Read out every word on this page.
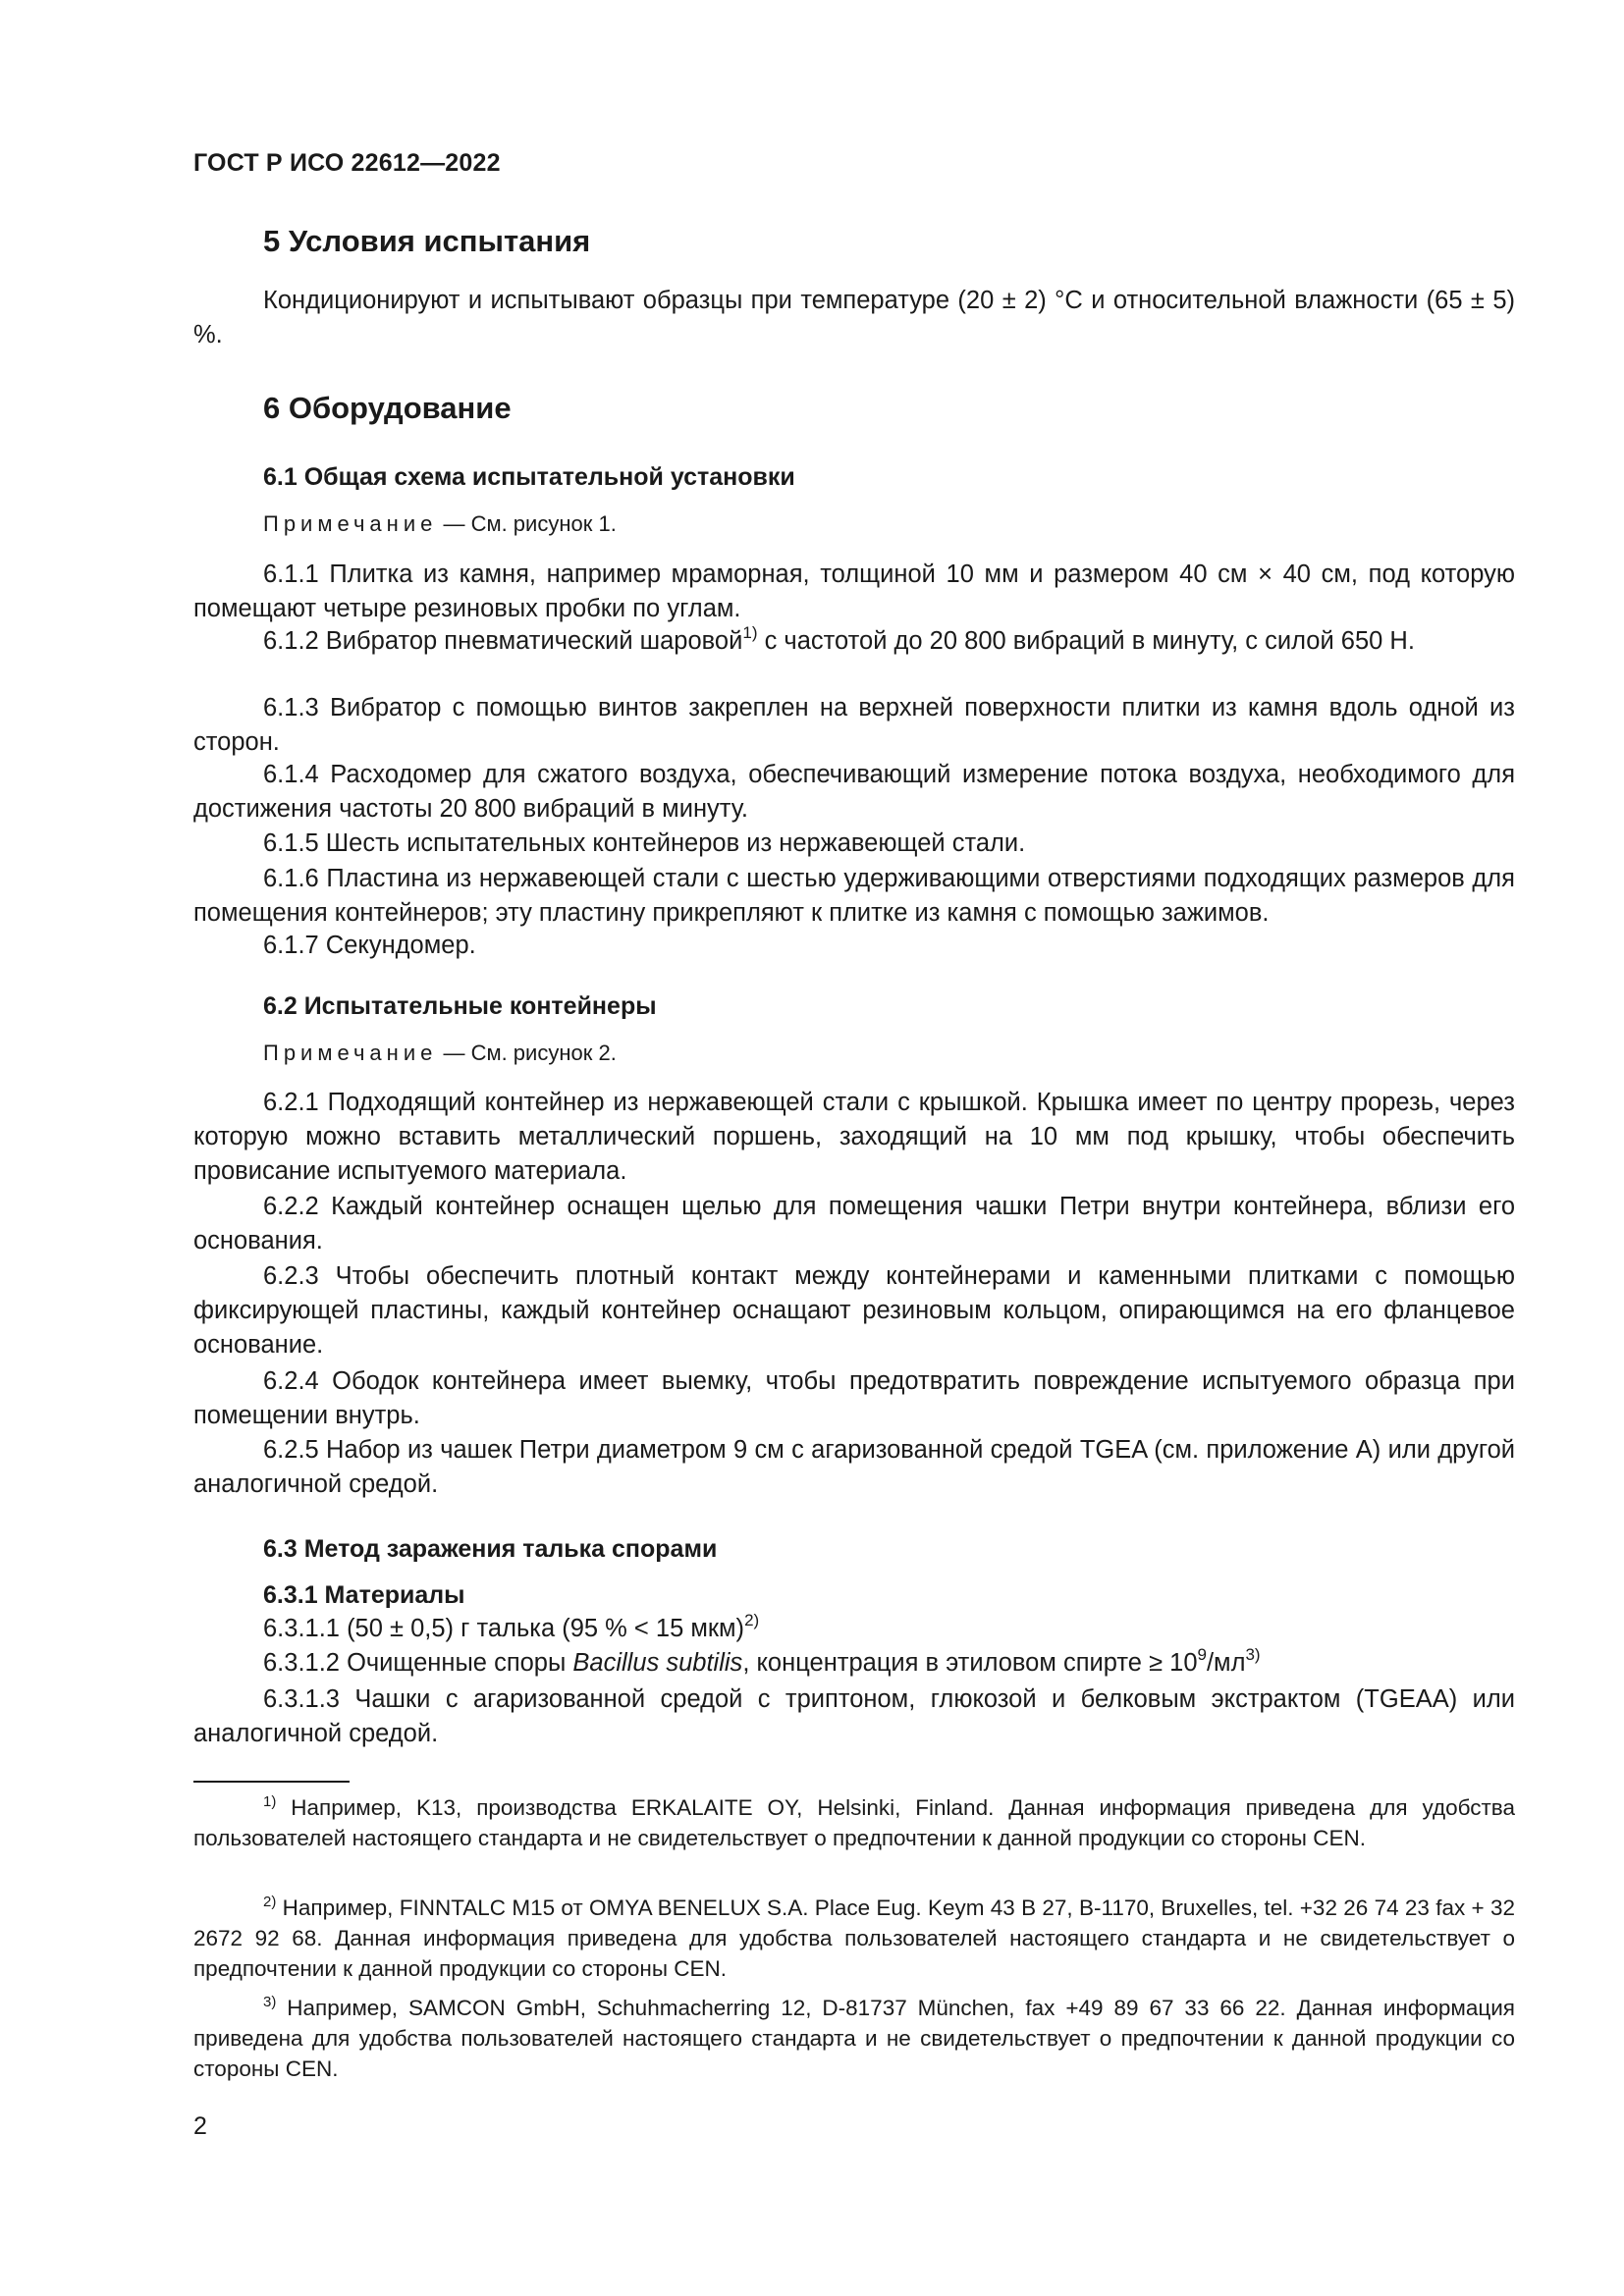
ГОСТ Р ИСО 22612—2022
5 Условия испытания
Кондиционируют и испытывают образцы при температуре (20 ± 2) °С и относительной влажности (65 ± 5) %.
6 Оборудование
6.1 Общая схема испытательной установки
Примечание — См. рисунок 1.
6.1.1 Плитка из камня, например мраморная, толщиной 10 мм и размером 40 см × 40 см, под которую помещают четыре резиновых пробки по углам.
6.1.2 Вибратор пневматический шаровой$^{1)}$ с частотой до 20 800 вибраций в минуту, с силой 650 Н.
6.1.3 Вибратор с помощью винтов закреплен на верхней поверхности плитки из камня вдоль одной из сторон.
6.1.4 Расходомер для сжатого воздуха, обеспечивающий измерение потока воздуха, необходимого для достижения частоты 20 800 вибраций в минуту.
6.1.5 Шесть испытательных контейнеров из нержавеющей стали.
6.1.6 Пластина из нержавеющей стали с шестью удерживающими отверстиями подходящих размеров для помещения контейнеров; эту пластину прикрепляют к плитке из камня с помощью зажимов.
6.1.7 Секундомер.
6.2 Испытательные контейнеры
Примечание — См. рисунок 2.
6.2.1 Подходящий контейнер из нержавеющей стали с крышкой. Крышка имеет по центру прорезь, через которую можно вставить металлический поршень, заходящий на 10 мм под крышку, чтобы обеспечить провисание испытуемого материала.
6.2.2 Каждый контейнер оснащен щелью для помещения чашки Петри внутри контейнера, вблизи его основания.
6.2.3 Чтобы обеспечить плотный контакт между контейнерами и каменными плитками с помощью фиксирующей пластины, каждый контейнер оснащают резиновым кольцом, опирающимся на его фланцевое основание.
6.2.4 Ободок контейнера имеет выемку, чтобы предотвратить повреждение испытуемого образца при помещении внутрь.
6.2.5 Набор из чашек Петри диаметром 9 см с агаризованной средой TGEA (см. приложение А) или другой аналогичной средой.
6.3 Метод заражения талька спорами
6.3.1 Материалы
6.3.1.1 (50 ± 0,5) г талька (95 % < 15 мкм)$^{2)}$
6.3.1.2 Очищенные споры Bacillus subtilis, концентрация в этиловом спирте ≥ $10^9/мл^{3)}$
6.3.1.3 Чашки с агаризованной средой с триптоном, глюкозой и белковым экстрактом (TGEAA) или аналогичной средой.
$^{1)}$ Например, K13, производства ERKALAITE OY, Helsinki, Finland. Данная информация приведена для удобства пользователей настоящего стандарта и не свидетельствует о предпочтении к данной продукции со стороны CEN.
$^{2)}$ Например, FINNTALC M15 от OMYA BENELUX S.A. Place Eug. Keym 43 B 27, B-1170, Bruxelles, tel. +32 26 74 23 fax + 32 2672 92 68. Данная информация приведена для удобства пользователей настоящего стандарта и не свидетельствует о предпочтении к данной продукции со стороны CEN.
$^{3)}$ Например, SAMCON GmbH, Schuhmacherring 12, D-81737 München, fax +49 89 67 33 66 22. Данная информация приведена для удобства пользователей настоящего стандарта и не свидетельствует о предпочтении к данной продукции со стороны CEN.
2
